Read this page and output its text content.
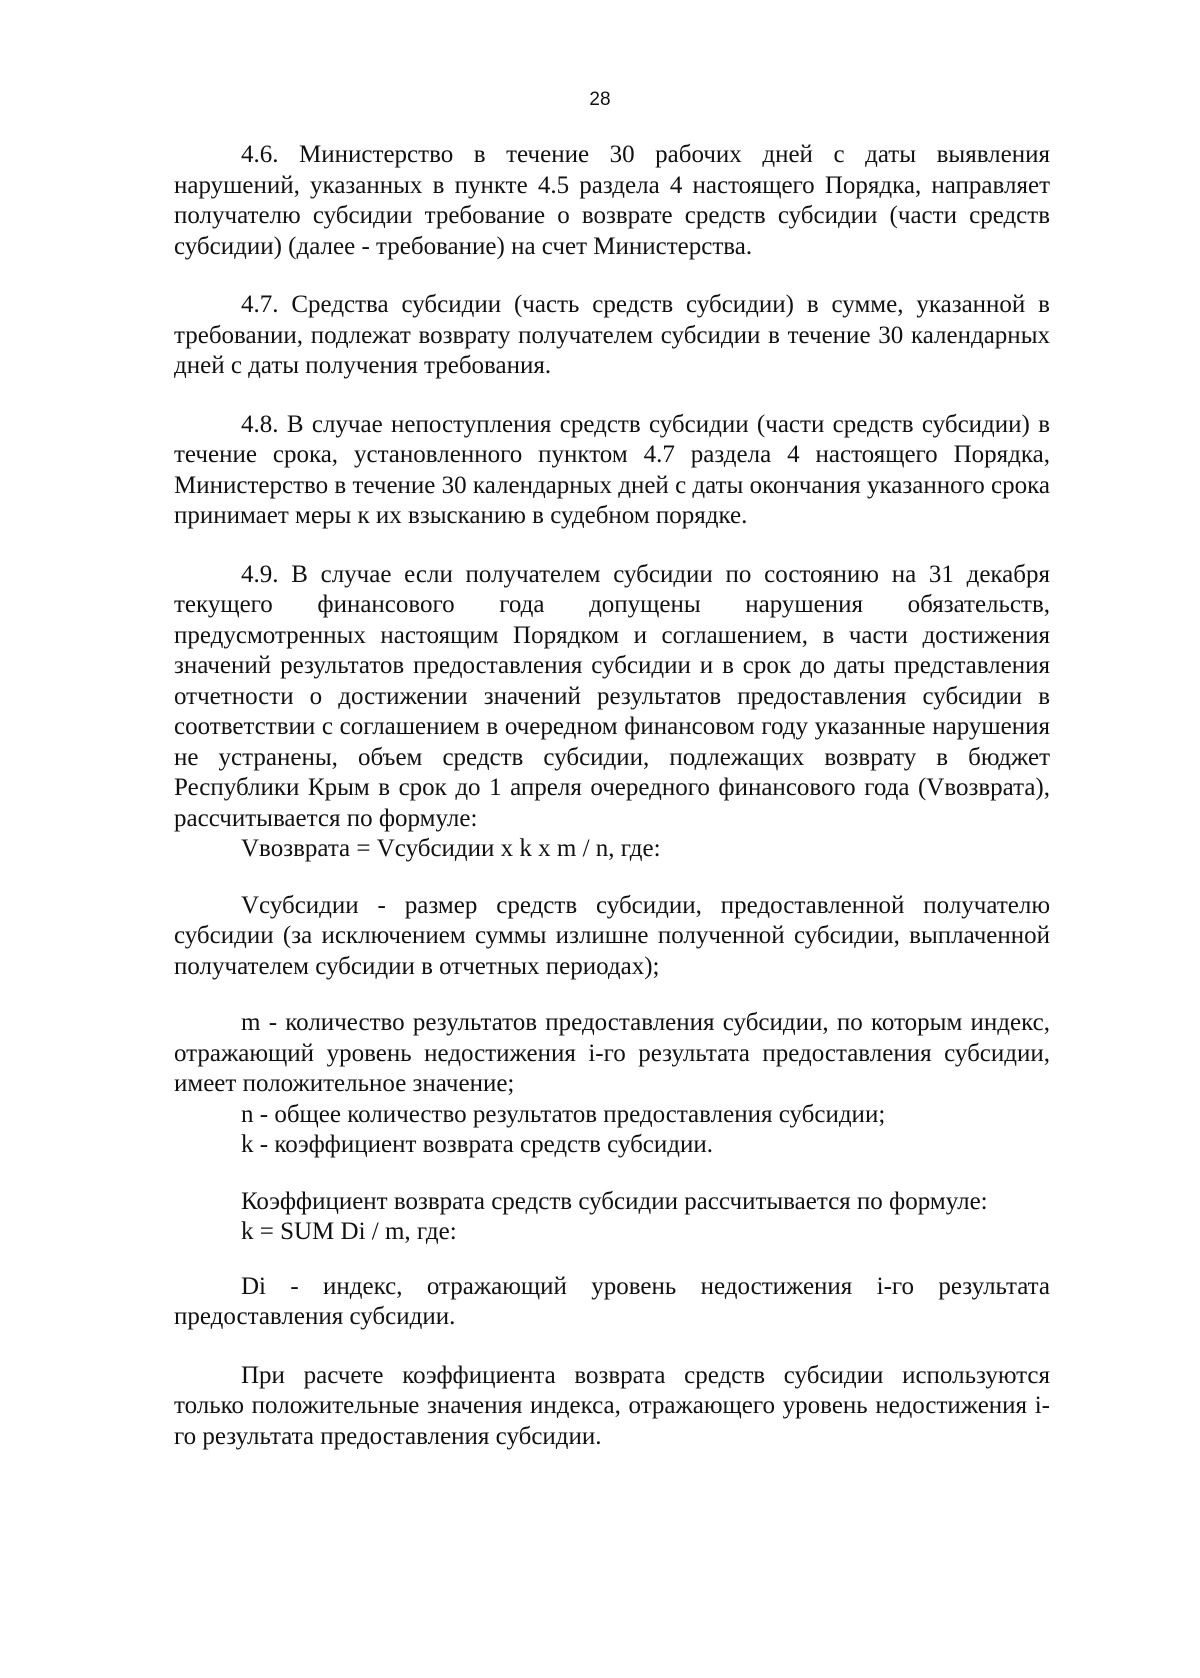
28

4.6. Министерство в течение 30 рабочих дней с даты выявления нарушений, указанных в пункте 4.5 раздела 4 настоящего Порядка, направляет получателю субсидии требование о возврате средств субсидии (части средств субсидии) (далее - требование) на счет Министерства.

4.7. Средства субсидии (часть средств субсидии) в сумме, указанной в требовании, подлежат возврату получателем субсидии в течение 30 календарных дней с даты получения требования.

4.8. В случае непоступления средств субсидии (части средств субсидии) в течение срока, установленного пунктом 4.7 раздела 4 настоящего Порядка, Министерство в течение 30 календарных дней с даты окончания указанного срока принимает меры к их взысканию в судебном порядке.

4.9. В случае если получателем субсидии по состоянию на 31 декабря текущего финансового года допущены нарушения обязательств, предусмотренных настоящим Порядком и соглашением, в части достижения значений результатов предоставления субсидии и в срок до даты представления отчетности о достижении значений результатов предоставления субсидии в соответствии с соглашением в очередном финансовом году указанные нарушения не устранены, объем средств субсидии, подлежащих возврату в бюджет Республики Крым в срок до 1 апреля очередного финансового года (Vвозврата), рассчитывается по формуле:

Vвозврата = Vсубсидии x k x m / n, где:

Vсубсидии - размер средств субсидии, предоставленной получателю субсидии (за исключением суммы излишне полученной субсидии, выплаченной получателем субсидии в отчетных периодах);

m - количество результатов предоставления субсидии, по которым индекс, отражающий уровень недостижения i-го результата предоставления субсидии, имеет положительное значение;

n - общее количество результатов предоставления субсидии;

k - коэффициент возврата средств субсидии.

Коэффициент возврата средств субсидии рассчитывается по формуле:

k = SUM Di / m, где:

Di - индекс, отражающий уровень недостижения i-го результата предоставления субсидии.

При расчете коэффициента возврата средств субсидии используются только положительные значения индекса, отражающего уровень недостижения i-го результата предоставления субсидии.
